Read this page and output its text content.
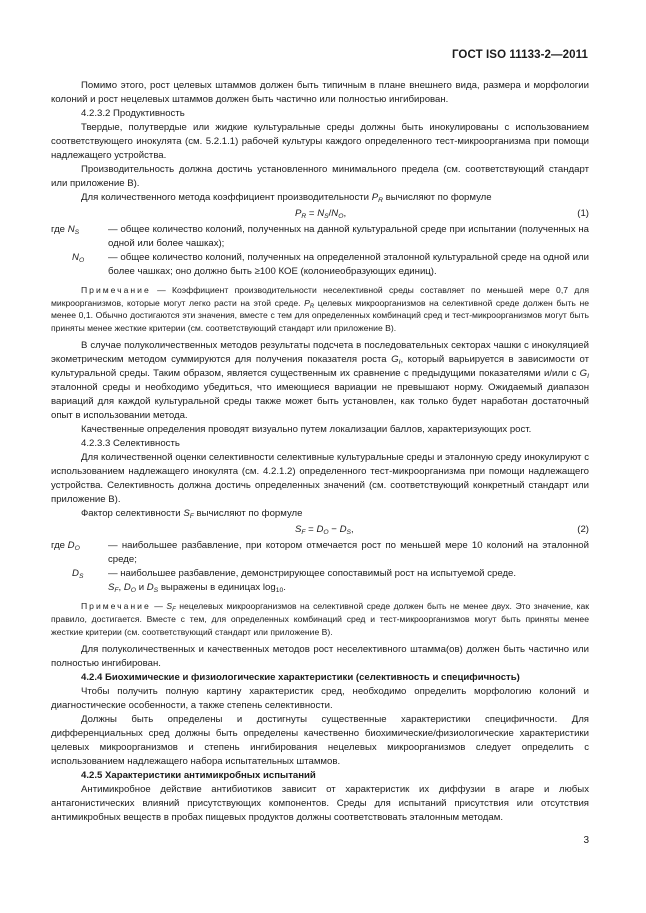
ГОСТ ISO 11133-2—2011

Помимо этого, рост целевых штаммов должен быть типичным в плане внешнего вида, размера и морфологии колоний и рост нецелевых штаммов должен быть частично или полностью ингибирован.

4.2.3.2 Продуктивность

Твердые, полутвердые или жидкие культуральные среды должны быть инокулированы с использованием соответствующего инокулята (см. 5.2.1.1) рабочей культуры каждого определенного тест-микроорганизма при помощи надлежащего устройства.

Производительность должна достичь установленного минимального предела (см. соответствующий стандарт или приложение В).

Для количественного метода коэффициент производительности $P_R$ вычисляют по формуле

$P_R = N_S/N_O$,	(1)
где $N_S$	— общее количество колоний, полученных на данной культуральной среде при испытании (полученных на одной или более чашках);
$N_O$ — общее количество колоний, полученных на определенной эталонной культуральной среде на одной или более чашках; оно должно быть ≥100 КОЕ (колониеобразующих единиц).

Примечание — Коэффициент производительности неселективной среды составляет по меньшей мере 0,7 для микроорганизмов, которые могут легко расти на этой среде. $P_R$ целевых микроорганизмов на селективной среде должен быть не менее 0,1. Обычно достигаются эти значения, вместе с тем для определенных комбинаций сред и тест-микроорганизмов могут быть приняты менее жесткие критерии (см. соответствующий стандарт или приложение В).

В случае полуколичественных методов результаты подсчета в последовательных секторах чашки с инокуляцией экометрическим методом суммируются для получения показателя роста $G_I$, который варьируется в зависимости от культуральной среды. Таким образом, является существенным их сравнение с предыдущими показателями и/или с $G_I$ эталонной среды и необходимо убедиться, что имеющиеся вариации не превышают норму. Ожидаемый диапазон вариаций для каждой культуральной среды также может быть установлен, как только будет наработан достаточный опыт в использовании метода.

Качественные определения проводят визуально путем локализации баллов, характеризующих рост.

4.2.3.3 Селективность

Для количественной оценки селективности селективные культуральные среды и эталонную среду инокулируют с использованием надлежащего инокулята (см. 4.2.1.2) определенного тест-микроорганизма при помощи надлежащего устройства. Селективность должна достичь определенных значений (см. соответствующий конкретный стандарт или приложение В).

Фактор селективности $S_F$ вычисляют по формуле

$S_F = D_O - D_S$,	(2)
где $D_O$	— наибольшее разбавление, при котором отмечается рост по меньшей мере 10 колоний на эталонной среде;
$D_S$	— наибольшее разбавление, демонстрирующее сопоставимый рост на испытуемой среде.

$S_F$, $D_O$ и $D_S$ выражены в единицах $\log_{10}$.

Примечание — $S_F$ нецелевых микроорганизмов на селективной среде должен быть не менее двух. Это значение, как правило, достигается. Вместе с тем, для определенных комбинаций сред и тест-микроорганизмов могут быть приняты менее жесткие критерии (см. соответствующий стандарт или приложение В).

Для полуколичественных и качественных методов рост неселективного штамма(ов) должен быть частично или полностью ингибирован.

4.2.4 Биохимические и физиологические характеристики (селективность и специфичность)

Чтобы получить полную картину характеристик сред, необходимо определить морфологию колоний и диагностические особенности, а также степень селективности.

Должны быть определены и достигнуты существенные характеристики специфичности. Для дифференциальных сред должны быть определены качественно биохимические/физиологические характеристики целевых микроорганизмов и степень ингибирования нецелевых микроорганизмов следует определить с использованием надлежащего набора испытательных штаммов.

4.2.5 Характеристики антимикробных испытаний

Антимикробное действие антибиотиков зависит от характеристик их диффузии в агаре и любых антагонистических влияний присутствующих компонентов. Среды для испытаний присутствия или отсутствия антимикробных веществ в пробах пищевых продуктов должны соответствовать эталонным методам.

3
